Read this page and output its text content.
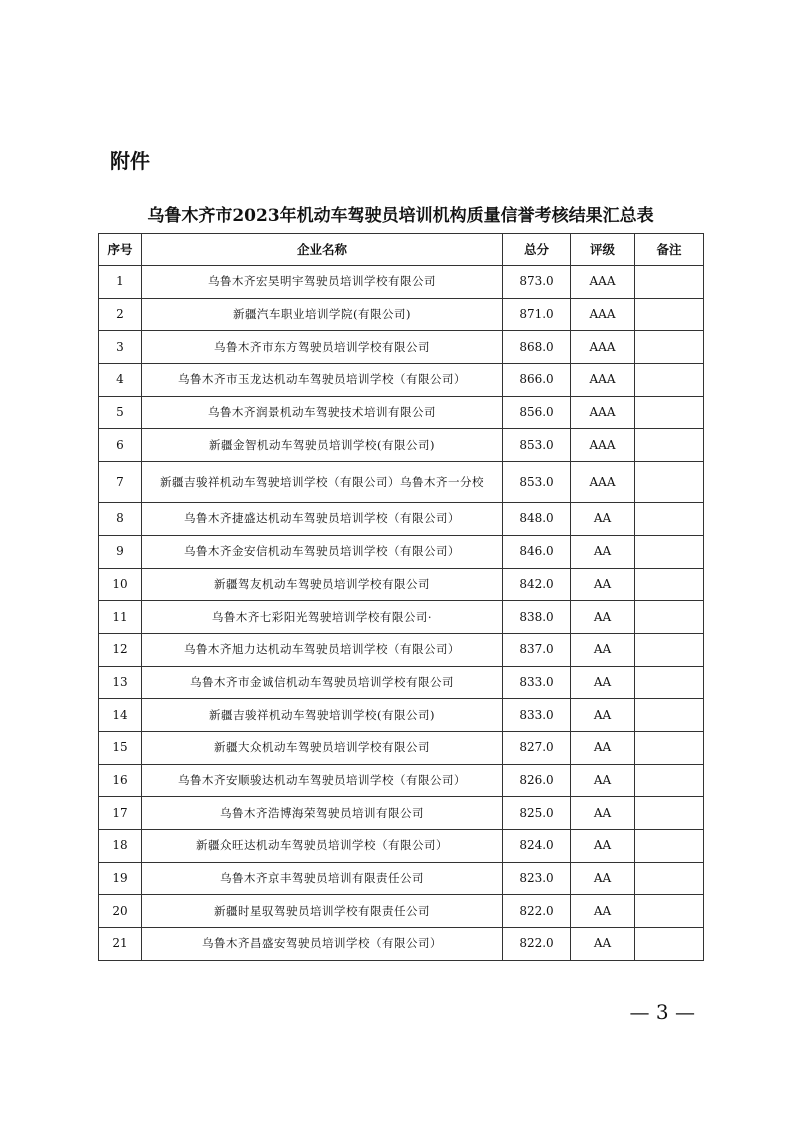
附件
乌鲁木齐市2023年机动车驾驶员培训机构质量信誉考核结果汇总表
序号	企业名称	总分	评级	备注
1	乌鲁木齐宏昊明宇驾驶员培训学校有限公司	873.0	AAA	
2	新疆汽车职业培训学院(有限公司)	871.0	AAA	
3	乌鲁木齐市东方驾驶员培训学校有限公司	868.0	AAA	
4	乌鲁木齐市玉龙达机动车驾驶员培训学校（有限公司）	866.0	AAA	
5	乌鲁木齐润景机动车驾驶技术培训有限公司	856.0	AAA	
6	新疆金智机动车驾驶员培训学校(有限公司)	853.0	AAA	
7	新疆吉骏祥机动车驾驶培训学校（有限公司）乌鲁木齐一分校	853.0	AAA	
8	乌鲁木齐捷盛达机动车驾驶员培训学校（有限公司）	848.0	AA	
9	乌鲁木齐金安信机动车驾驶员培训学校（有限公司）	846.0	AA	
10	新疆驾友机动车驾驶员培训学校有限公司	842.0	AA	
11	乌鲁木齐七彩阳光驾驶培训学校有限公司·	838.0	AA	
12	乌鲁木齐旭力达机动车驾驶员培训学校（有限公司）	837.0	AA	
13	乌鲁木齐市金诚信机动车驾驶员培训学校有限公司	833.0	AA	
14	新疆吉骏祥机动车驾驶培训学校(有限公司)	833.0	AA	
15	新疆大众机动车驾驶员培训学校有限公司	827.0	AA	
16	乌鲁木齐安顺骏达机动车驾驶员培训学校（有限公司）	826.0	AA	
17	乌鲁木齐浩博海荣驾驶员培训有限公司	825.0	AA	
18	新疆众旺达机动车驾驶员培训学校（有限公司）	824.0	AA	
19	乌鲁木齐京丰驾驶员培训有限责任公司	823.0	AA	
20	新疆时星驭驾驶员培训学校有限责任公司	822.0	AA	
21	乌鲁木齐昌盛安驾驶员培训学校（有限公司）	822.0	AA	
— 3 —
